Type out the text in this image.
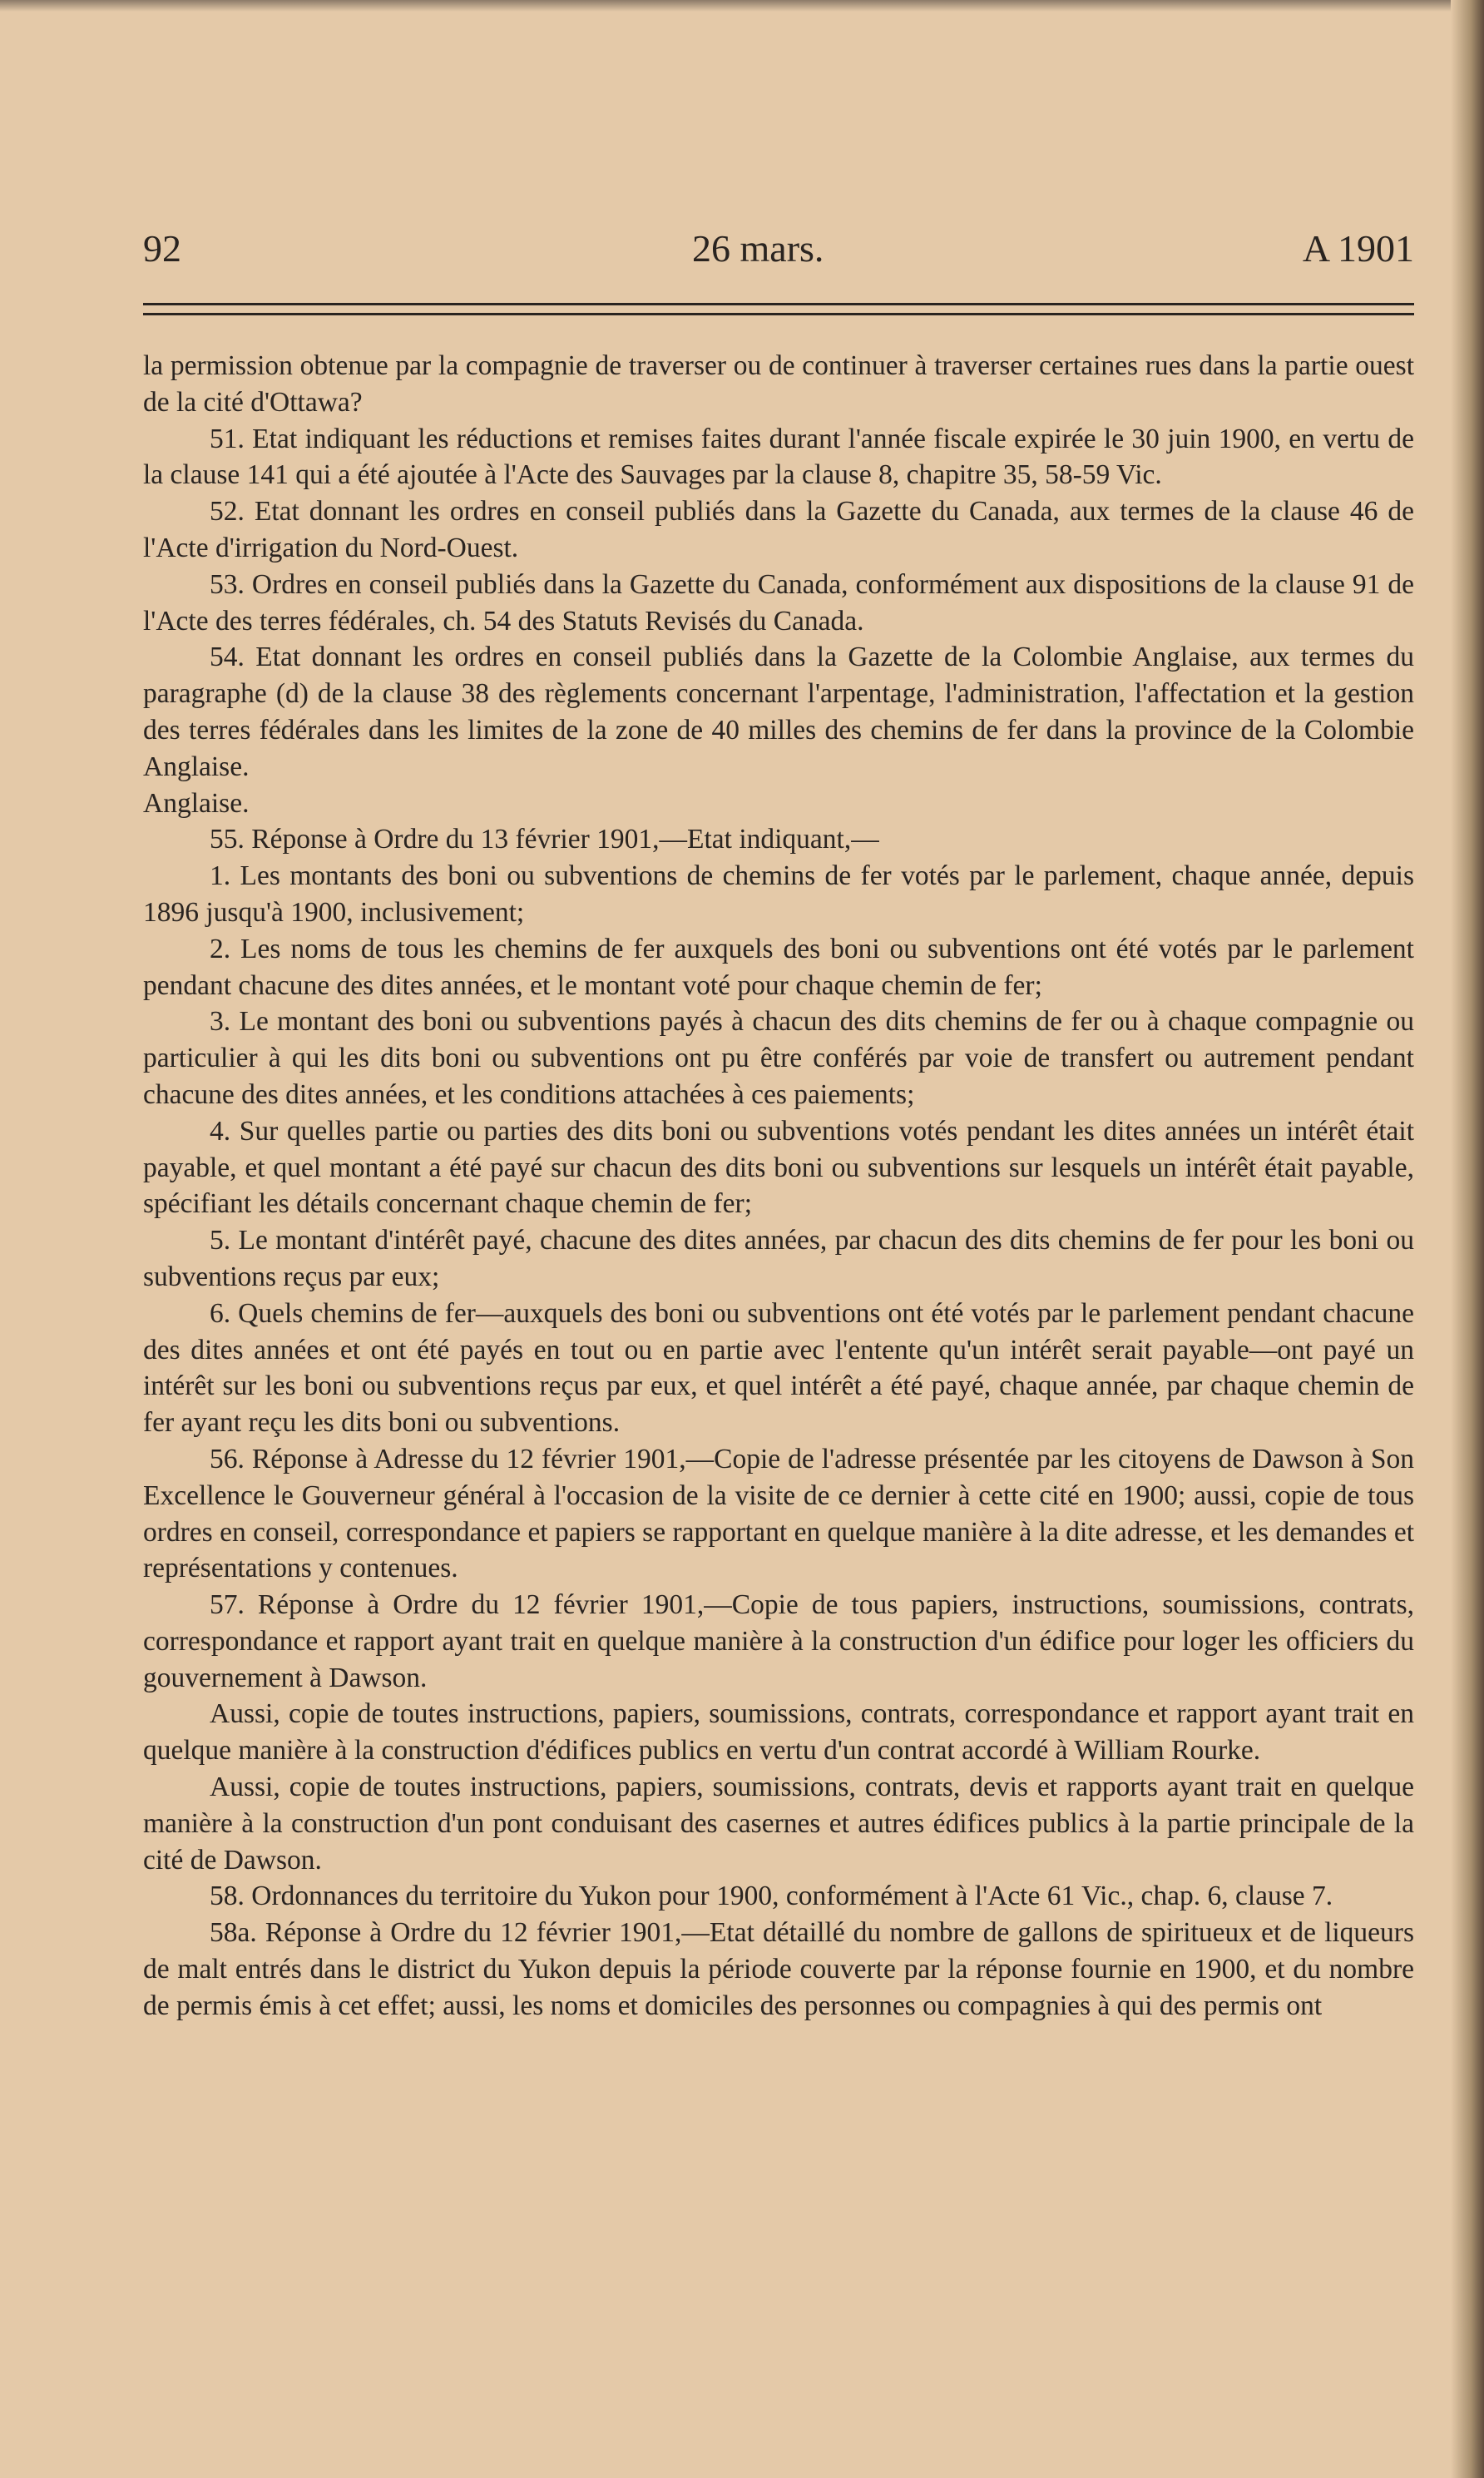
92	26 mars.	A 1901

la permission obtenue par la compagnie de traverser ou de continuer à traverser certaines rues dans la partie ouest de la cité d'Ottawa?

51. Etat indiquant les réductions et remises faites durant l'année fiscale expirée le 30 juin 1900, en vertu de la clause 141 qui a été ajoutée à l'Acte des Sauvages par la clause 8, chapitre 35, 58-59 Vic.

52. Etat donnant les ordres en conseil publiés dans la Gazette du Canada, aux termes de la clause 46 de l'Acte d'irrigation du Nord-Ouest.

53. Ordres en conseil publiés dans la Gazette du Canada, conformément aux dispositions de la clause 91 de l'Acte des terres fédérales, ch. 54 des Statuts Revisés du Canada.

54. Etat donnant les ordres en conseil publiés dans la Gazette de la Colombie Anglaise, aux termes du paragraphe (d) de la clause 38 des règlements concernant l'arpentage, l'administration, l'affectation et la gestion des terres fédérales dans les limites de la zone de 40 milles des chemins de fer dans la province de la Colombie Anglaise.

Anglaise.

55. Réponse à Ordre du 13 février 1901,—Etat indiquant,—

1. Les montants des boni ou subventions de chemins de fer votés par le parlement, chaque année, depuis 1896 jusqu'à 1900, inclusivement;

2. Les noms de tous les chemins de fer auxquels des boni ou subventions ont été votés par le parlement pendant chacune des dites années, et le montant voté pour chaque chemin de fer;

3. Le montant des boni ou subventions payés à chacun des dits chemins de fer ou à chaque compagnie ou particulier à qui les dits boni ou subventions ont pu être conférés par voie de transfert ou autrement pendant chacune des dites années, et les conditions attachées à ces paiements;

4. Sur quelles partie ou parties des dits boni ou subventions votés pendant les dites années un intérêt était payable, et quel montant a été payé sur chacun des dits boni ou subventions sur lesquels un intérêt était payable, spécifiant les détails concernant chaque chemin de fer;

5. Le montant d'intérêt payé, chacune des dites années, par chacun des dits chemins de fer pour les boni ou subventions reçus par eux;

6. Quels chemins de fer—auxquels des boni ou subventions ont été votés par le parlement pendant chacune des dites années et ont été payés en tout ou en partie avec l'entente qu'un intérêt serait payable—ont payé un intérêt sur les boni ou subventions reçus par eux, et quel intérêt a été payé, chaque année, par chaque chemin de fer ayant reçu les dits boni ou subventions.

56. Réponse à Adresse du 12 février 1901,—Copie de l'adresse présentée par les citoyens de Dawson à Son Excellence le Gouverneur général à l'occasion de la visite de ce dernier à cette cité en 1900; aussi, copie de tous ordres en conseil, correspondance et papiers se rapportant en quelque manière à la dite adresse, et les demandes et représentations y contenues.

57. Réponse à Ordre du 12 février 1901,—Copie de tous papiers, instructions, soumissions, contrats, correspondance et rapport ayant trait en quelque manière à la construction d'un édifice pour loger les officiers du gouvernement à Dawson.

Aussi, copie de toutes instructions, papiers, soumissions, contrats, correspondance et rapport ayant trait en quelque manière à la construction d'édifices publics en vertu d'un contrat accordé à William Rourke.

Aussi, copie de toutes instructions, papiers, soumissions, contrats, devis et rapports ayant trait en quelque manière à la construction d'un pont conduisant des casernes et autres édifices publics à la partie principale de la cité de Dawson.

58. Ordonnances du territoire du Yukon pour 1900, conformément à l'Acte 61 Vic., chap. 6, clause 7.

58a. Réponse à Ordre du 12 février 1901,—Etat détaillé du nombre de gallons de spiritueux et de liqueurs de malt entrés dans le district du Yukon depuis la période couverte par la réponse fournie en 1900, et du nombre de permis émis à cet effet; aussi, les noms et domiciles des personnes ou compagnies à qui des permis ont
